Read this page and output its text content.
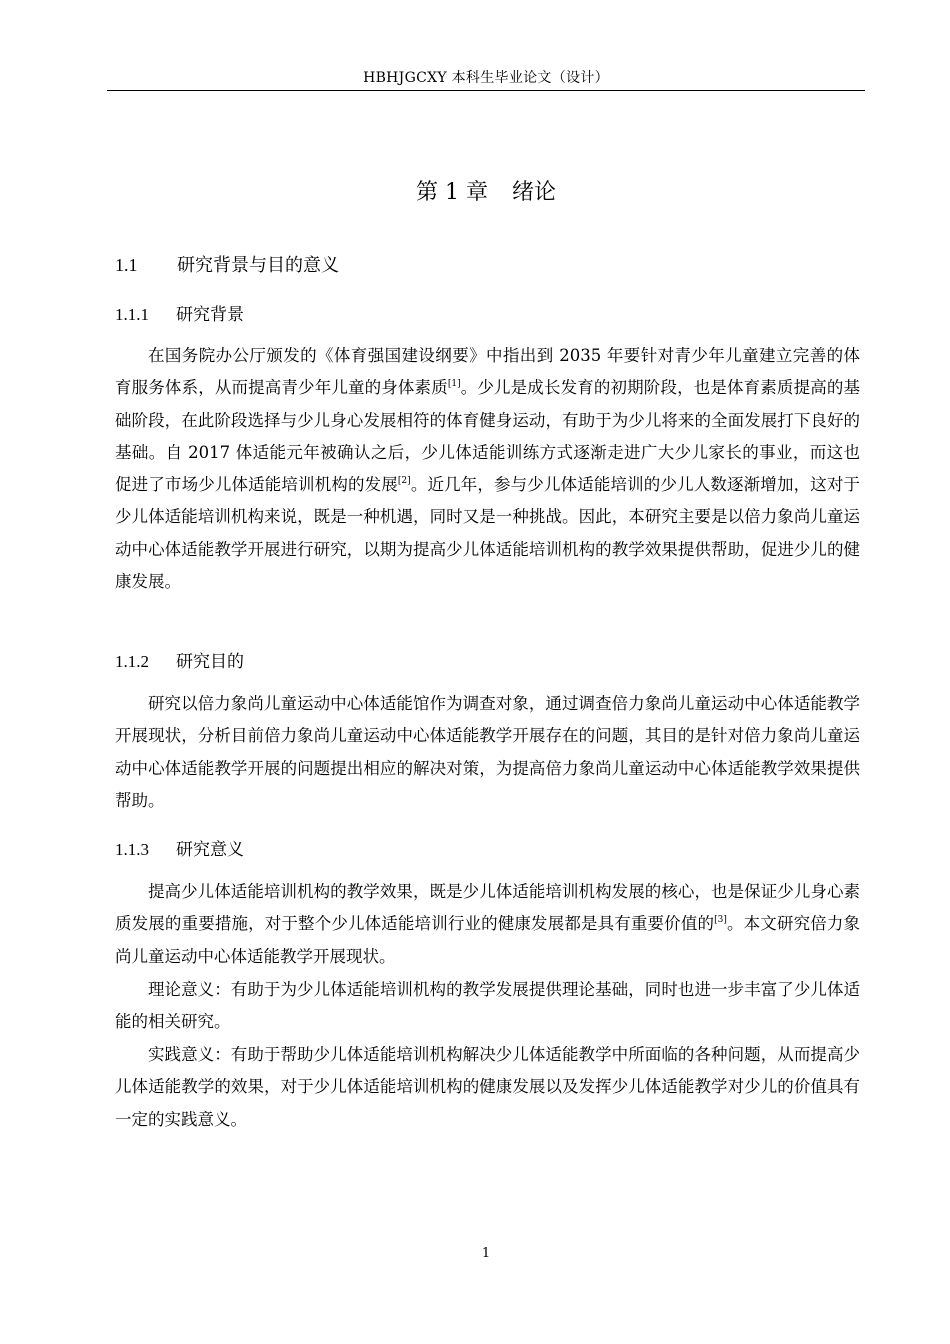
HBHJGCXY 本科生毕业论文（设计）
第 1 章 绪论
1.1 研究背景与目的意义
1.1.1 研究背景

在国务院办公厅颁发的《体育强国建设纲要》中指出到 2035 年要针对青少年儿童建立完善的体育服务体系，从而提高青少年儿童的身体素质[1]。少儿是成长发育的初期阶段，也是体育素质提高的基础阶段，在此阶段选择与少儿身心发展相符的体育健身运动，有助于为少儿将来的全面发展打下良好的基础。自 2017 体适能元年被确认之后，少儿体适能训练方式逐渐走进广大少儿家长的事业，而这也促进了市场少儿体适能培训机构的发展[2]。近几年，参与少儿体适能培训的少儿人数逐渐增加，这对于少儿体适能培训机构来说，既是一种机遇，同时又是一种挑战。因此，本研究主要是以倍力象尚儿童运动中心体适能教学开展进行研究，以期为提高少儿体适能培训机构的教学效果提供帮助，促进少儿的健康发展。

1.1.2 研究目的

研究以倍力象尚儿童运动中心体适能馆作为调查对象，通过调查倍力象尚儿童运动中心体适能教学开展现状，分析目前倍力象尚儿童运动中心体适能教学开展存在的问题，其目的是针对倍力象尚儿童运动中心体适能教学开展的问题提出相应的解决对策，为提高倍力象尚儿童运动中心体适能教学效果提供帮助。

1.1.3 研究意义

提高少儿体适能培训机构的教学效果，既是少儿体适能培训机构发展的核心，也是保证少儿身心素质发展的重要措施，对于整个少儿体适能培训行业的健康发展都是具有重要价值的[3]。本文研究倍力象尚儿童运动中心体适能教学开展现状。

理论意义：有助于为少儿体适能培训机构的教学发展提供理论基础，同时也进一步丰富了少儿体适能的相关研究。

实践意义：有助于帮助少儿体适能培训机构解决少儿体适能教学中所面临的各种问题，从而提高少儿体适能教学的效果，对于少儿体适能培训机构的健康发展以及发挥少儿体适能教学对少儿的价值具有一定的实践意义。

1
